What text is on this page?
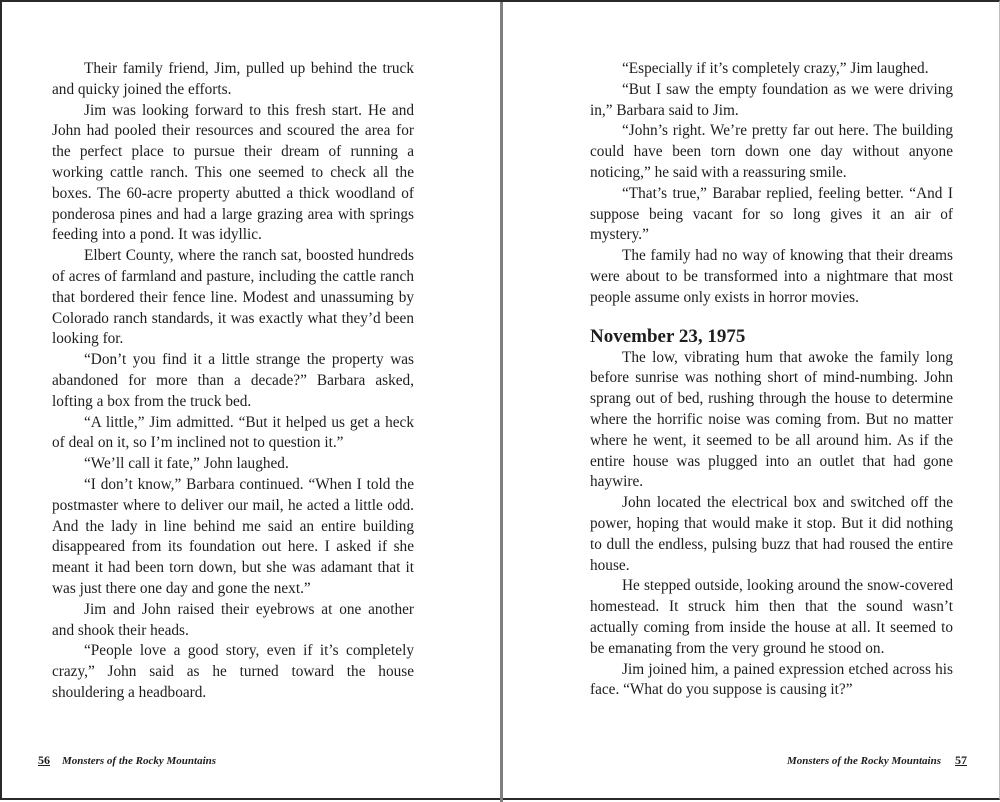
Their family friend, Jim, pulled up behind the truck and quicky joined the efforts.

Jim was looking forward to this fresh start. He and John had pooled their resources and scoured the area for the perfect place to pursue their dream of running a working cattle ranch. This one seemed to check all the boxes. The 60-acre property abutted a thick woodland of ponderosa pines and had a large grazing area with springs feeding into a pond. It was idyllic.

Elbert County, where the ranch sat, boosted hundreds of acres of farmland and pasture, including the cattle ranch that bordered their fence line. Modest and unassuming by Colorado ranch standards, it was exactly what they’d been looking for.

“Don’t you find it a little strange the property was abandoned for more than a decade?” Barbara asked, lofting a box from the truck bed.

“A little,” Jim admitted. “But it helped us get a heck of deal on it, so I’m inclined not to question it.”

“We’ll call it fate,” John laughed.

“I don’t know,” Barbara continued. “When I told the postmaster where to deliver our mail, he acted a little odd. And the lady in line behind me said an entire building disappeared from its foundation out here. I asked if she meant it had been torn down, but she was adamant that it was just there one day and gone the next.”

Jim and John raised their eyebrows at one another and shook their heads.

“People love a good story, even if it’s completely crazy,” John said as he turned toward the house shouldering a headboard.

56 Monsters of the Rocky Mountains

“Especially if it’s completely crazy,” Jim laughed.

“But I saw the empty foundation as we were driving in,” Barbara said to Jim.

“John’s right. We’re pretty far out here. The building could have been torn down one day without anyone noticing,” he said with a reassuring smile.

“That’s true,” Barabar replied, feeling better. “And I suppose being vacant for so long gives it an air of mystery.”

The family had no way of knowing that their dreams were about to be transformed into a nightmare that most people assume only exists in horror movies.

November 23, 1975

The low, vibrating hum that awoke the family long before sunrise was nothing short of mind-numbing. John sprang out of bed, rushing through the house to determine where the horrific noise was coming from. But no matter where he went, it seemed to be all around him. As if the entire house was plugged into an outlet that had gone haywire.

John located the electrical box and switched off the power, hoping that would make it stop. But it did nothing to dull the endless, pulsing buzz that had roused the entire house.

He stepped outside, looking around the snow-covered homestead. It struck him then that the sound wasn’t actually coming from inside the house at all. It seemed to be emanating from the very ground he stood on.

Jim joined him, a pained expression etched across his face. “What do you suppose is causing it?”

Monsters of the Rocky Mountains 57
